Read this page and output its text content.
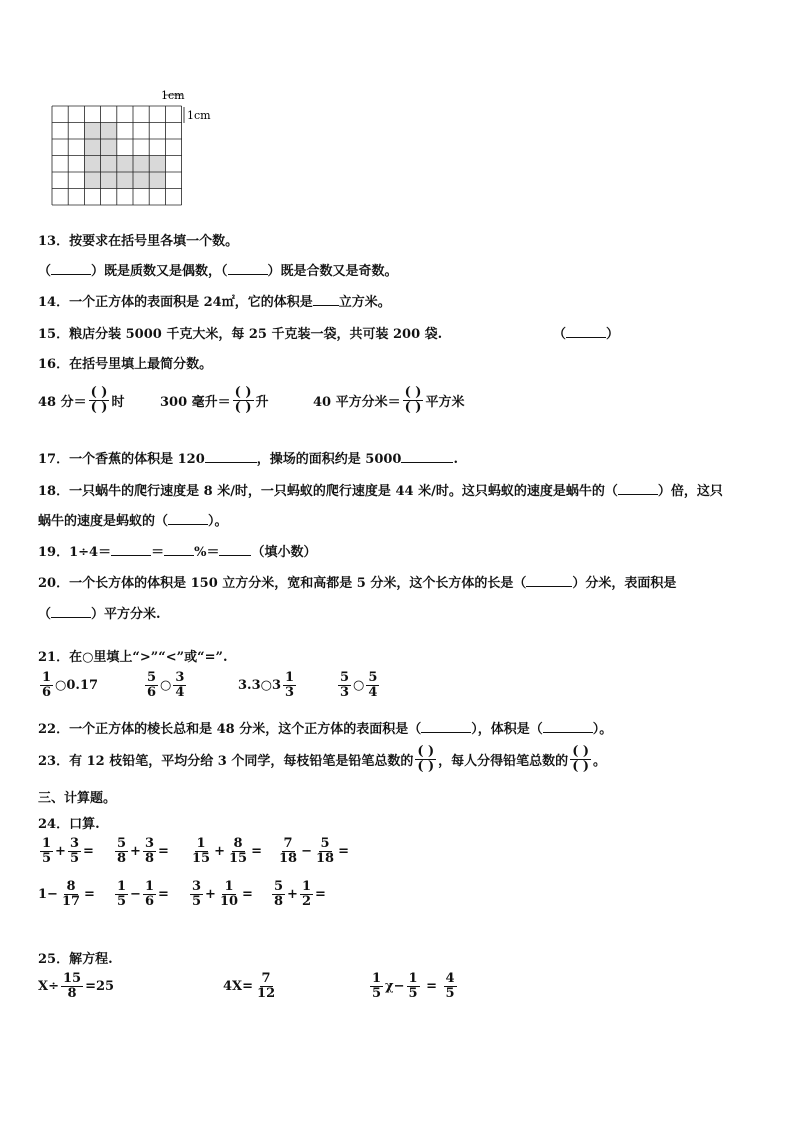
1cm
1cm
13．按要求在括号里各填一个数。
（	）既是质数又是偶数，（	）既是合数又是奇数。
14．一个正方体的表面积是 24㎡，它的体积是 立方米。
15．粮店分装 5000 千克大米，每 25 千克装一袋，共可装 200 袋.	（	）
16．在括号里填上最简分数。
48 分＝ $\frac{( )}{( )}$ 时	300 毫升＝ $\frac{( )}{( )}$ 升	40 平方分米＝ $\frac{( )}{( )}$ 平方米
17．一个香蕉的体积是 120	，操场的面积约是 5000	.
18．一只蜗牛的爬行速度是 8 米/时，一只蚂蚁的爬行速度是 44 米/时。这只蚂蚁的速度是蜗牛的（	）倍，这只
蜗牛的速度是蚂蚁的（	）。
19．1÷4＝	＝ %＝ （填小数）
20．一个长方体的体积是 150 立方分米，宽和高都是 5 分米，这个长方体的长是（	）分米，表面积是
（	）平方分米.
21．在○里填上“>”“<”或“=”.
$\frac{1}{6}$ ○0.17	$\frac{5}{6}$ ○ $\frac{3}{4}$	3.3○3 $\frac{1}{3}$	$\frac{5}{3}$ ○ $\frac{5}{4}$
22．一个正方体的棱长总和是 48 分米，这个正方体的表面积是（	），体积是（	）。
23．有 12 枝铅笔，平均分给 3 个同学，每枝铅笔是铅笔总数的 $\frac{( )}{( )}$ ，每人分得铅笔总数的 $\frac{( )}{( )}$ 。
三、计算题。
24．口算.
$\frac{1}{5} + \frac{3}{5} = \frac{5}{8} + \frac{3}{8} = \frac{1}{15} + \frac{8}{15} = \frac{7}{18} - \frac{5}{18}$ =
$1- \frac{8}{17} = \frac{1}{5} - \frac{1}{6} = \frac{3}{5} + \frac{1}{10} = \frac{5}{8} + \frac{1}{2}$ =
25．解方程.
$X\div \frac{15}{8} =25$	$4X= \frac{7}{12}$	$\frac{1}{5} \chi- \frac{1}{5} = \frac{4}{5}$
